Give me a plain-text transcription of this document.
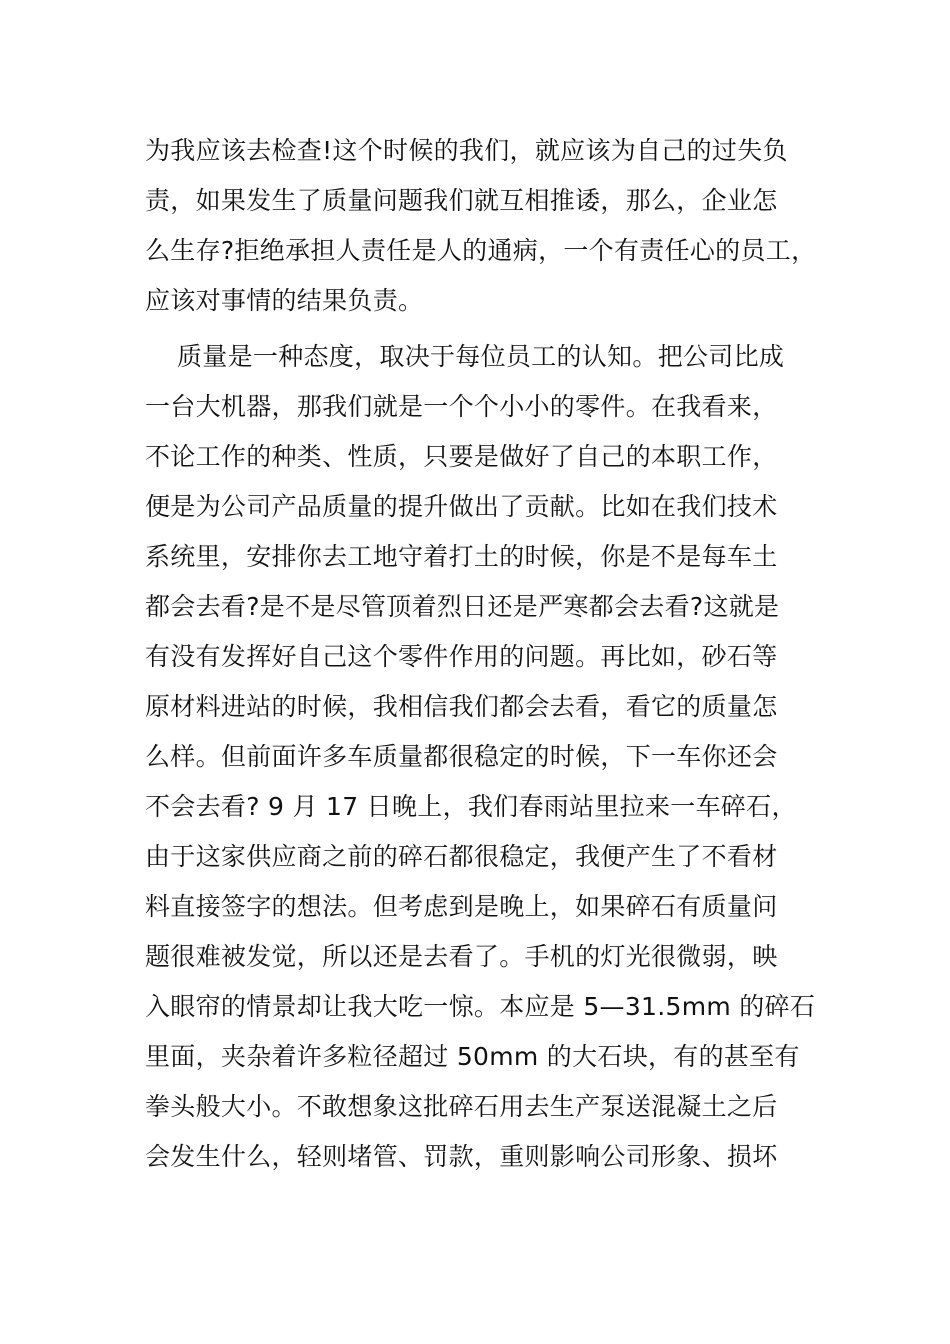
为我应该去检查!这个时候的我们，就应该为自己的过失负
责，如果发生了质量问题我们就互相推诿，那么，企业怎
么生存?拒绝承担人责任是人的通病，一个有责任心的员工，
应该对事情的结果负责。
质量是一种态度，取决于每位员工的认知。把公司比成
一台大机器，那我们就是一个个小小的零件。在我看来，
不论工作的种类、性质，只要是做好了自己的本职工作，
便是为公司产品质量的提升做出了贡献。比如在我们技术
系统里，安排你去工地守着打土的时候，你是不是每车土
都会去看?是不是尽管顶着烈日还是严寒都会去看?这就是
有没有发挥好自己这个零件作用的问题。再比如，砂石等
原材料进站的时候，我相信我们都会去看，看它的质量怎
么样。但前面许多车质量都很稳定的时候，下一车你还会
不会去看? 9 月 17 日晚上，我们春雨站里拉来一车碎石，
由于这家供应商之前的碎石都很稳定，我便产生了不看材
料直接签字的想法。但考虑到是晚上，如果碎石有质量问
题很难被发觉，所以还是去看了。手机的灯光很微弱，映
入眼帘的情景却让我大吃一惊。本应是 5—31.5mm 的碎石
里面，夹杂着许多粒径超过 50mm 的大石块，有的甚至有
拳头般大小。不敢想象这批碎石用去生产泵送混凝土之后
会发生什么，轻则堵管、罚款，重则影响公司形象、损坏
